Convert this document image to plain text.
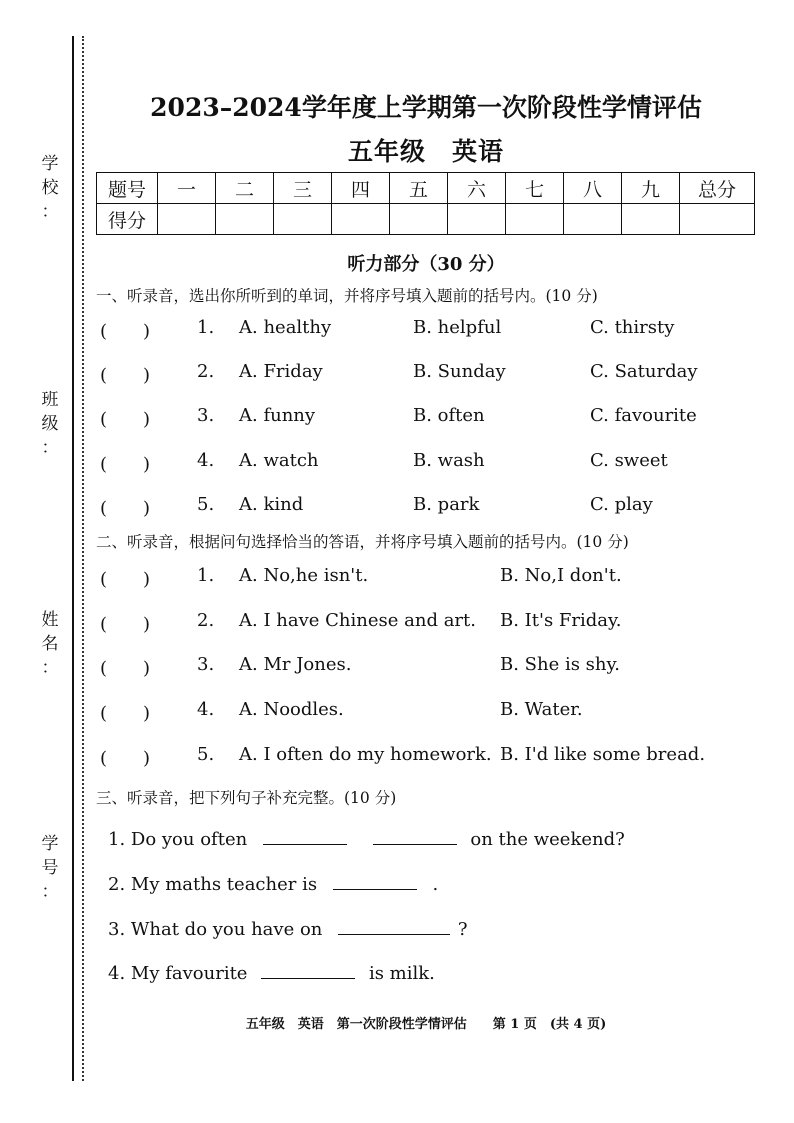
学
校
：
班
级
：
姓
名
：
学
号
：
2023–2024学年度上学期第一次阶段性学情评估
五年级　英语
题号	一	二	三	四	五	六	七	八	九	总分
得分										
听力部分（30 分）
一、听录音，选出你所听到的单词，并将序号填入题前的括号内。(10 分)
(　　)	1. A. healthy	B. helpful	C. thirsty
(　　)	2. A. Friday	B. Sunday	C. Saturday
(　　)	3. A. funny	B. often	C. favourite
(　　)	4. A. watch	B. wash	C. sweet
(　　)	5. A. kind	B. park	C. play
二、听录音，根据问句选择恰当的答语，并将序号填入题前的括号内。(10 分)
(　　)	1. A. No,he isn't.	B. No,I don't.
(　　)	2. A. I have Chinese and art. B. It's Friday.
(　　)	3. A. Mr Jones.	B. She is shy.
(　　)	4. A. Noodles.	B. Water.
(　　)	5. A. I often do my homework. B. I'd like some bread.
三、听录音，把下列句子补充完整。(10 分)
1. Do you often	on the weekend?
2. My maths teacher is	.
3. What do you have on	?
4. My favourite	is milk.
五年级　英语　第一次阶段性学情评估　　第 1 页　(共 4 页)
